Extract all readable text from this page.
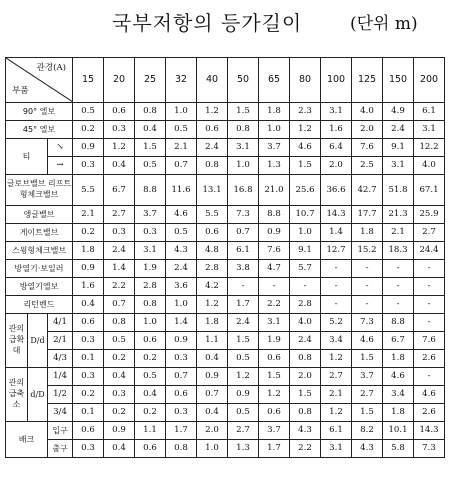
국부저항의 등가길이	(단위 m)
관경(A)
부품			15	20	25	32	40	50	65	80	100	125	150	200
90° 엘보			0.5	0.6	0.8	1.0	1.2	1.5	1.8	2.3	3.1	4.0	4.9	6.1
45° 엘보			0.2	0.3	0.4	0.5	0.6	0.8	1.0	1.2	1.6	2.0	2.4	3.1
티		↘	0.9	1.2	1.5	2.1	2.4	3.1	3.7	4.6	6.4	7.6	9.1	12.2
		→	0.3	0.4	0.5	0.7	0.8	1.0	1.3	1.5	2.0	2.5	3.1	4.0
글로브밸브 리프트형체크밸브			5.5	6.7	8.8	11.6	13.1	16.8	21.0	25.6	36.6	42.7	51.8	67.1
앵글밸브			2.1	2.7	3.7	4.6	5.5	7.3	8.8	10.7	14.3	17.7	21.3	25.9
게이트밸브			0.2	0.3	0.3	0.5	0.6	0.7	0.9	1.0	1.4	1.8	2.1	2.7
스윙형체크밸브			1.8	2.4	3.1	4.3	4.8	6.1	7.6	9.1	12.7	15.2	18.3	24.4
방열기·보일러			0.9	1.4	1.9	2.4	2.8	3.8	4.7	5.7	-	-	-	-
방열기엘보			1.6	2.2	2.8	3.6	4.2	-	-	-	-	-	-	-
리턴벤드			0.4	0.7	0.8	1.0	1.2	1.7	2.2	2.8	-	-	-	-
관의 급확대	D/d	4/1	0.6	0.8	1.0	1.4	1.8	2.4	3.1	4.0	5.2	7.3	8.8	-
		2/1	0.3	0.5	0.6	0.9	1.1	1.5	1.9	2.4	3.4	4.6	6.7	7.6
		4/3	0.1	0.2	0.2	0.3	0.4	0.5	0.6	0.8	1.2	1.5	1.8	2.6
관의 급축소	d/D	1/4	0.3	0.4	0.5	0.7	0.9	1.2	1.5	2.0	2.7	3.7	4.6	-
		1/2	0.2	0.3	0.4	0.6	0.7	0.9	1.2	1.5	2.1	2.7	3.4	4.6
		3/4	0.1	0.2	0.2	0.3	0.4	0.5	0.6	0.8	1.2	1.5	1.8	2.6
배크		입구	0.6	0.9	1.1	1.7	2.0	2.7	3.7	4.3	6.1	8.2	10.1	14.3
		출구	0.3	0.4	0.6	0.8	1.0	1.3	1.7	2.2	3.1	4.3	5.8	7.3
